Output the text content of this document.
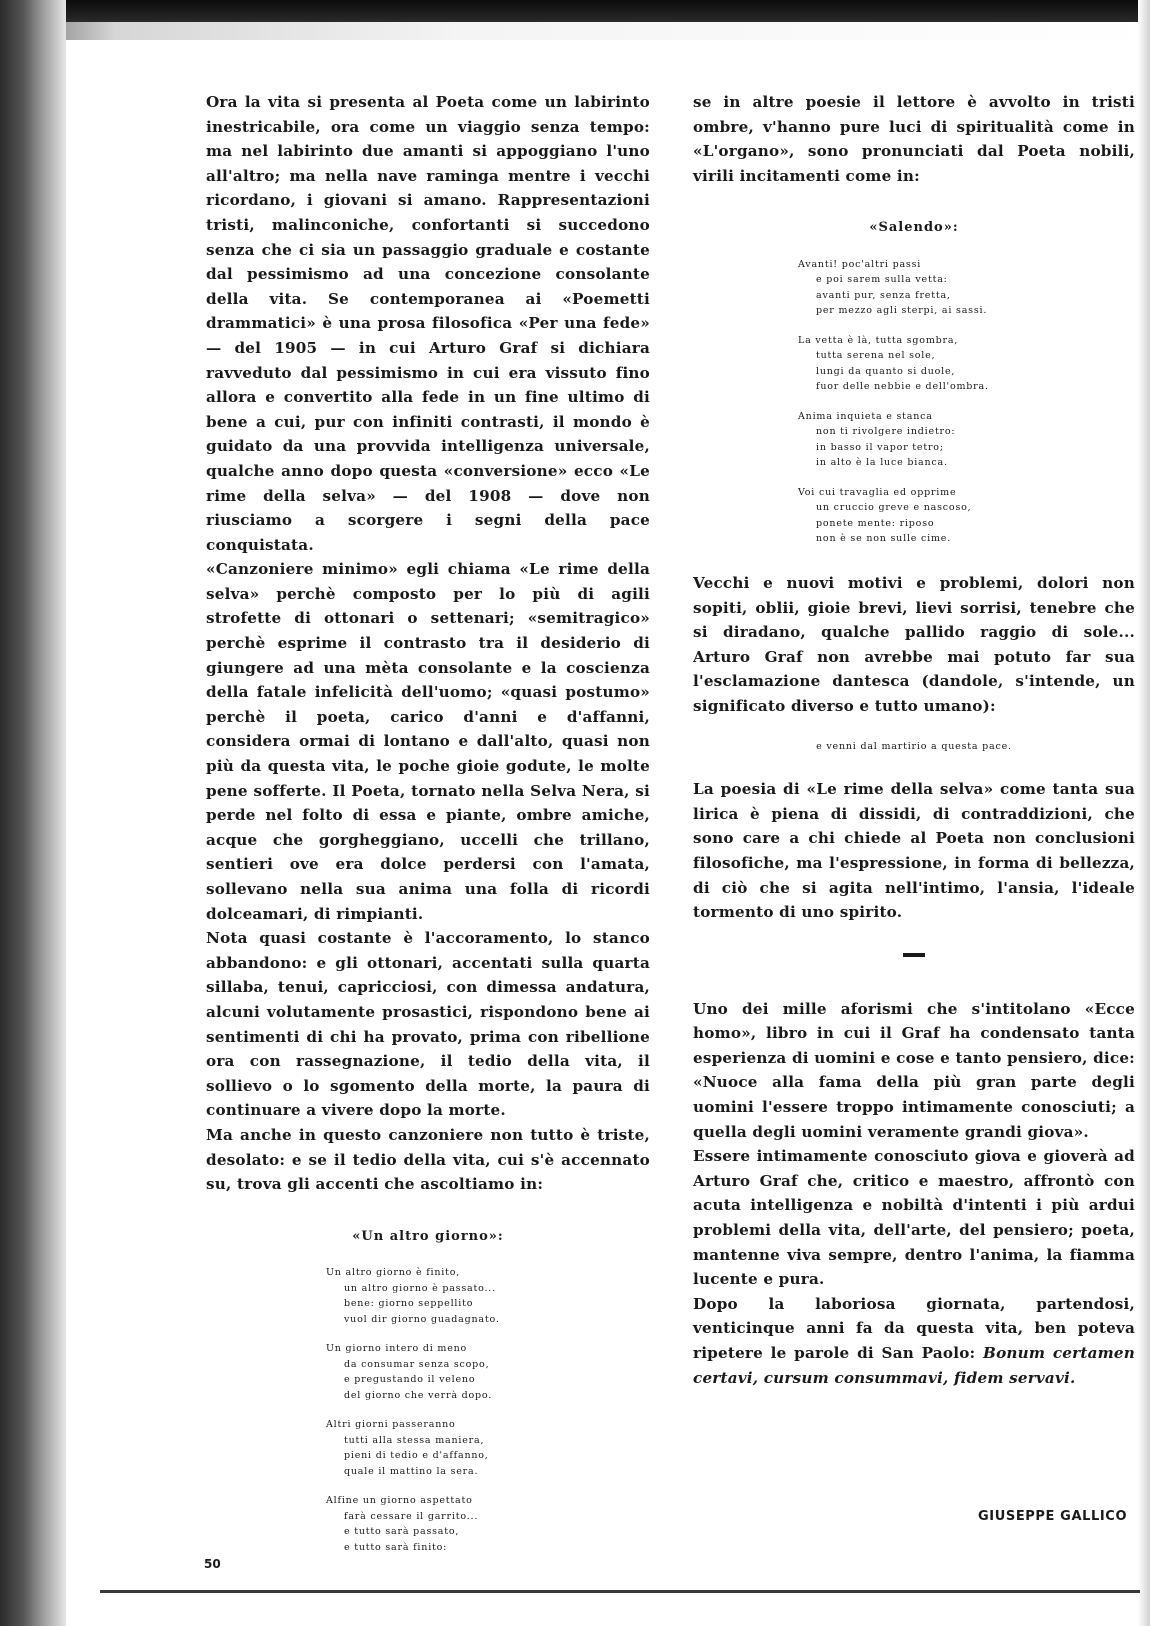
Ora la vita si presenta al Poeta come un labirinto inestricabile, ora come un viaggio senza tempo: ma nel labirinto due amanti si appoggiano l'uno all'altro; ma nella nave raminga mentre i vecchi ricordano, i giovani si amano. Rappresentazioni tristi, malinconiche, confortanti si succedono senza che ci sia un passaggio graduale e costante dal pessimismo ad una concezione consolante della vita. Se contemporanea ai «Poemetti drammatici» è una prosa filosofica «Per una fede» — del 1905 — in cui Arturo Graf si dichiara ravveduto dal pessimismo in cui era vissuto fino allora e convertito alla fede in un fine ultimo di bene a cui, pur con infiniti contrasti, il mondo è guidato da una provvida intelligenza universale, qualche anno dopo questa «conversione» ecco «Le rime della selva» — del 1908 — dove non riusciamo a scorgere i segni della pace conquistata.

«Canzoniere minimo» egli chiama «Le rime della selva» perchè composto per lo più di agili strofette di ottonari o settenari; «semitragico» perchè esprime il contrasto tra il desiderio di giungere ad una mèta consolante e la coscienza della fatale infelicità dell'uomo; «quasi postumo» perchè il poeta, carico d'anni e d'affanni, considera ormai di lontano e dall'alto, quasi non più da questa vita, le poche gioie godute, le molte pene sofferte. Il Poeta, tornato nella Selva Nera, si perde nel folto di essa e piante, ombre amiche, acque che gorgheggiano, uccelli che trillano, sentieri ove era dolce perdersi con l'amata, sollevano nella sua anima una folla di ricordi dolceamari, di rimpianti.

Nota quasi costante è l'accoramento, lo stanco abbandono: e gli ottonari, accentati sulla quarta sillaba, tenui, capricciosi, con dimessa andatura, alcuni volutamente prosastici, rispondono bene ai sentimenti di chi ha provato, prima con ribellione ora con rassegnazione, il tedio della vita, il sollievo o lo sgomento della morte, la paura di continuare a vivere dopo la morte.

Ma anche in questo canzoniere non tutto è triste, desolato: e se il tedio della vita, cui s'è accennato su, trova gli accenti che ascoltiamo in:

«Un altro giorno»:
Un altro giorno è finito,
un altro giorno è passato...
bene: giorno seppellito
vuol dir giorno guadagnato.
Un giorno intero di meno
da consumar senza scopo,
e pregustando il veleno
del giorno che verrà dopo.
Altri giorni passeranno
tutti alla stessa maniera,
pieni di tedio e d'affanno,
quale il mattino la sera.
Alfine un giorno aspettato
farà cessare il garrito...
e tutto sarà passato,
e tutto sarà finito:

se in altre poesie il lettore è avvolto in tristi ombre, v'hanno pure luci di spiritualità come in «L'organo», sono pronunciati dal Poeta nobili, virili incitamenti come in:

«Salendo»:
Avanti! poc'altri passi
e poi sarem sulla vetta:
avanti pur, senza fretta,
per mezzo agli sterpi, ai sassi.
La vetta è là, tutta sgombra,
tutta serena nel sole,
lungi da quanto si duole,
fuor delle nebbie e dell'ombra.
Anima inquieta e stanca
non ti rivolgere indietro:
in basso il vapor tetro;
in alto è la luce bianca.
Voi cui travaglia ed opprime
un cruccio greve e nascoso,
ponete mente: riposo
non è se non sulle cime.

Vecchi e nuovi motivi e problemi, dolori non sopiti, oblii, gioie brevi, lievi sorrisi, tenebre che si diradano, qualche pallido raggio di sole... Arturo Graf non avrebbe mai potuto far sua l'esclamazione dantesca (dandole, s'intende, un significato diverso e tutto umano):

e venni dal martirio a questa pace.

La poesia di «Le rime della selva» come tanta sua lirica è piena di dissidi, di contraddizioni, che sono care a chi chiede al Poeta non conclusioni filosofiche, ma l'espressione, in forma di bellezza, di ciò che si agita nell'intimo, l'ansia, l'ideale tormento di uno spirito.

Uno dei mille aforismi che s'intitolano «Ecce homo», libro in cui il Graf ha condensato tanta esperienza di uomini e cose e tanto pensiero, dice: «Nuoce alla fama della più gran parte degli uomini l'essere troppo intimamente conosciuti; a quella degli uomini veramente grandi giova».

Essere intimamente conosciuto giova e gioverà ad Arturo Graf che, critico e maestro, affrontò con acuta intelligenza e nobiltà d'intenti i più ardui problemi della vita, dell'arte, del pensiero; poeta, mantenne viva sempre, dentro l'anima, la fiamma lucente e pura.

Dopo la laboriosa giornata, partendosi, venticinque anni fa da questa vita, ben poteva ripetere le parole di San Paolo: Bonum certamen certavi, cursum consummavi, fidem servavi.

GIUSEPPE GALLICO
50
